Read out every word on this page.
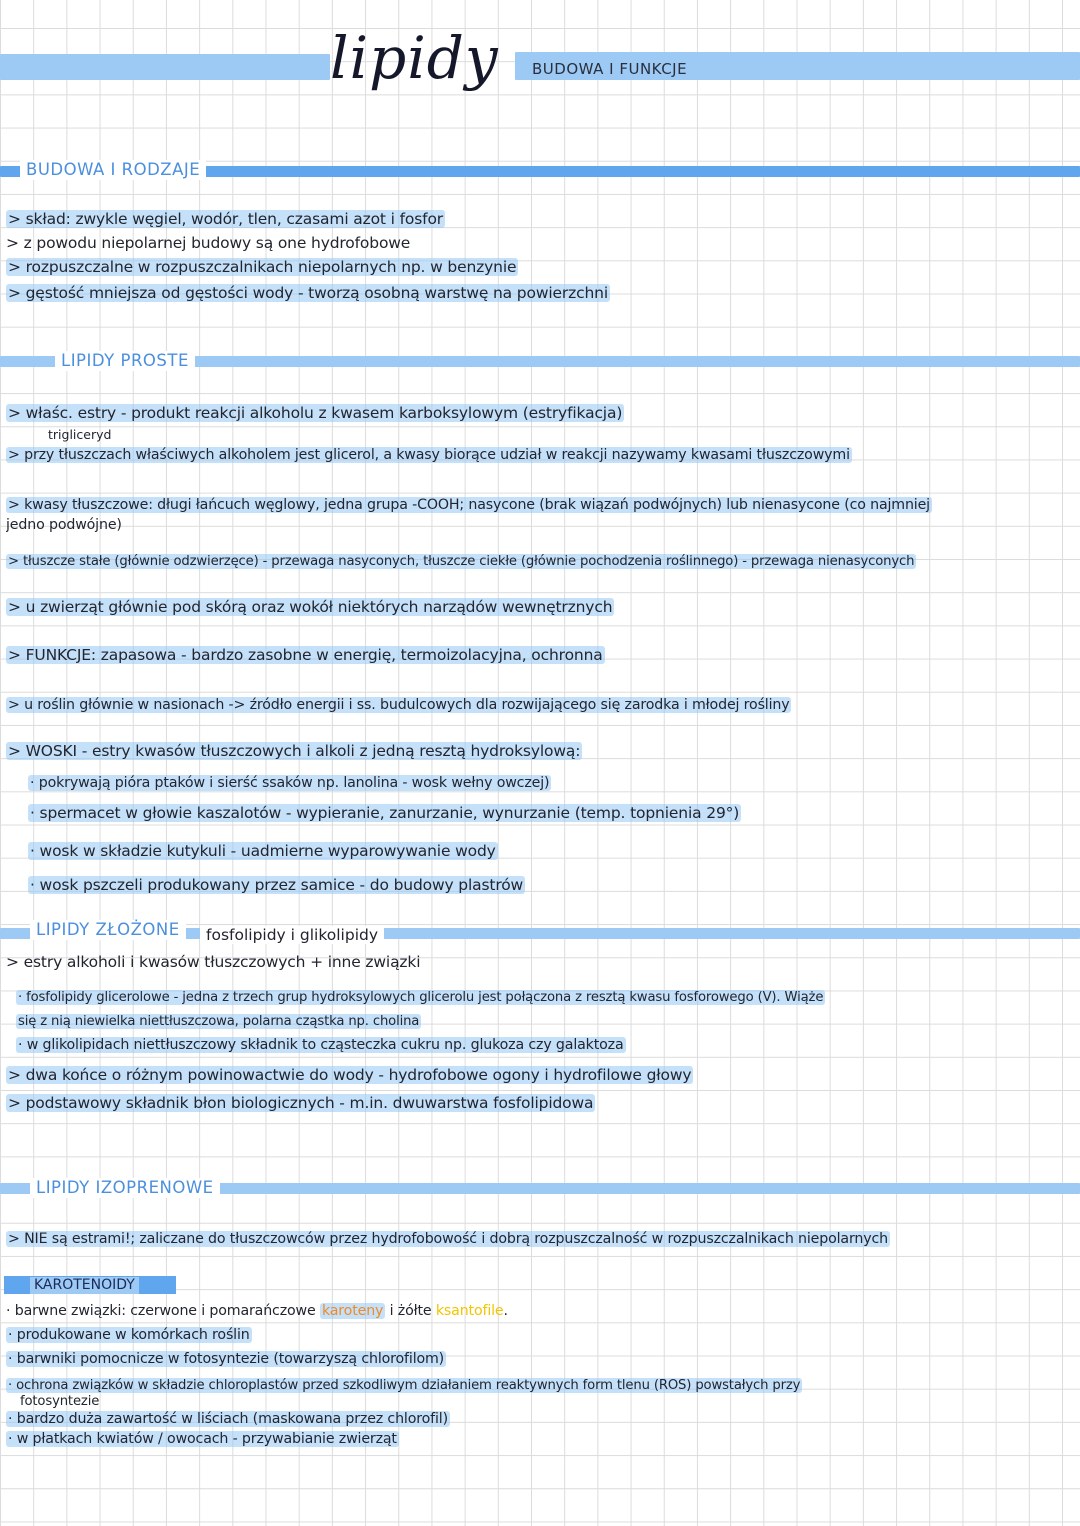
lipidy BUDOWA I FUNKCJE
BUDOWA I RODZAJE
> skład: zwykle węgiel, wodór, tlen, czasami azot i fosfor
> z powodu niepolarnej budowy są one hydrofobowe
> rozpuszczalne w rozpuszczalnikach niepolarnych np. w benzynie
> gęstość mniejsza od gęstości wody - tworzą osobną warstwę na powierzchni
LIPIDY PROSTE
> właśc. estry - produkt reakcji alkoholu z kwasem karboksylowym (estryfikacja)
trigliceryd
> przy tłuszczach właściwych alkoholem jest glicerol, a kwasy biorące udział w reakcji nazywamy kwasami tłuszczowymi
> kwasy tłuszczowe: długi łańcuch węglowy, jedna grupa -COOH; nasycone (brak wiązań podwójnych) lub nienasycone (co najmniej
jedno podwójne)
> tłuszcze stałe (głównie odzwierzęce) - przewaga nasyconych, tłuszcze ciekłe (głównie pochodzenia roślinnego) - przewaga nienasyconych
> u zwierząt głównie pod skórą oraz wokół niektórych narządów wewnętrznych
> FUNKCJE: zapasowa - bardzo zasobne w energię, termoizolacyjna, ochronna
> u roślin głównie w nasionach -> źródło energii i ss. budulcowych dla rozwijającego się zarodka i młodej rośliny
> WOSKI - estry kwasów tłuszczowych i alkoli z jedną resztą hydroksylową:
· pokrywają pióra ptaków i sierść ssaków np. lanolina - wosk wełny owczej)
· spermacet w głowie kaszalotów - wypieranie, zanurzanie, wynurzanie (temp. topnienia 29°)
· wosk w składzie kutykuli - uadmierne wyparowywanie wody
· wosk pszczeli produkowany przez samice - do budowy plastrów
LIPIDY ZŁOŻONE	fosfolipidy i glikolipidy
> estry alkoholi i kwasów tłuszczowych + inne związki
· fosfolipidy glicerolowe - jedna z trzech grup hydroksylowych glicerolu jest połączona z resztą kwasu fosforowego (V). Wiąże
się z nią niewielka niettłuszczowa, polarna cząstka np. cholina
· w glikolipidach niettłuszczowy składnik to cząsteczka cukru np. glukoza czy galaktoza
> dwa końce o różnym powinowactwie do wody - hydrofobowe ogony i hydrofilowe głowy
> podstawowy składnik błon biologicznych - m.in. dwuwarstwa fosfolipidowa
LIPIDY IZOPRENOWE
> NIE są estrami!; zaliczane do tłuszczowców przez hydrofobowość i dobrą rozpuszczalność w rozpuszczalnikach niepolarnych
KAROTENOIDY
· barwne związki: czerwone i pomarańczowe karoteny i żółte ksantofile.
· produkowane w komórkach roślin
· barwniki pomocnicze w fotosyntezie (towarzyszą chlorofilom)
· ochrona związków w składzie chloroplastów przed szkodliwym działaniem reaktywnych form tlenu (ROS) powstałych przy
fotosyntezie
· bardzo duża zawartość w liściach (maskowana przez chlorofil)
· w płatkach kwiatów / owocach - przywabianie zwierząt
